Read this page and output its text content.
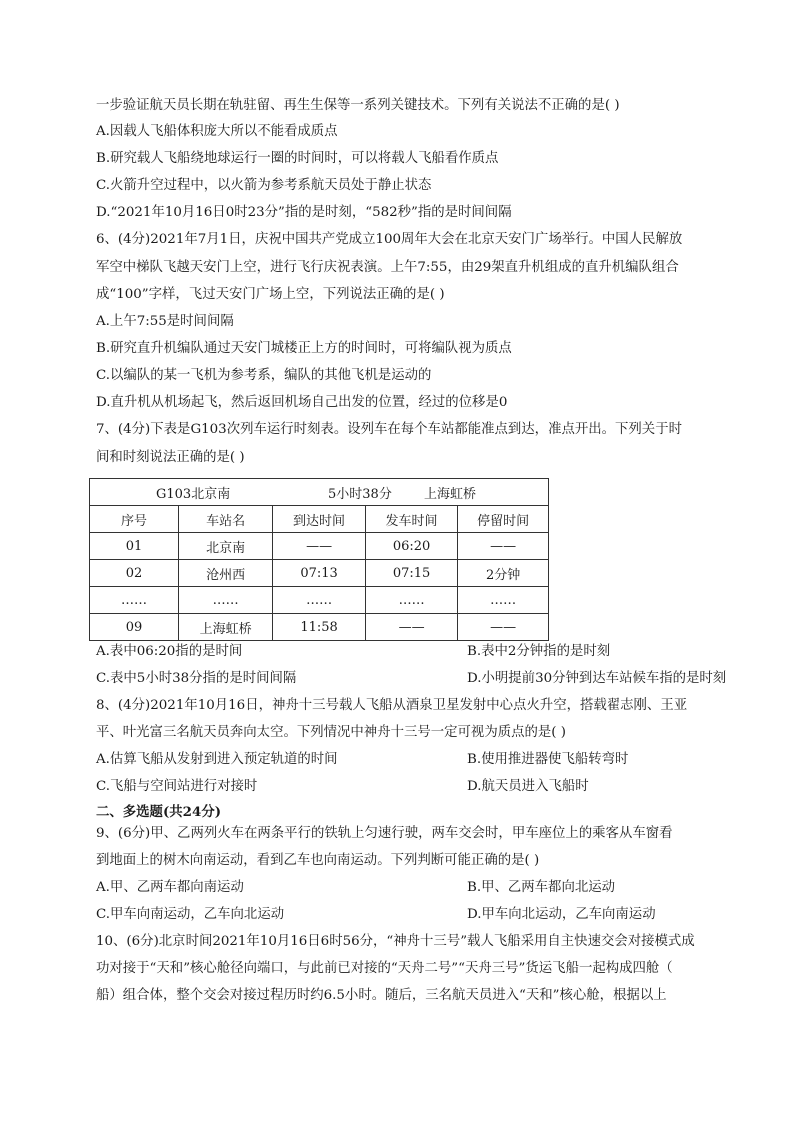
一步验证航天员长期在轨驻留、再生生保等一系列关键技术。下列有关说法不正确的是( )
A.因载人飞船体积庞大所以不能看成质点
B.研究载人飞船绕地球运行一圈的时间时，可以将载人飞船看作质点
C.火箭升空过程中，以火箭为参考系航天员处于静止状态
D.“2021年10月16日0时23分”指的是时刻，“582秒”指的是时间间隔
6、(4分)2021年7月1日，庆祝中国共产党成立100周年大会在北京天安门广场举行。中国人民解放
军空中梯队飞越天安门上空，进行飞行庆祝表演。上午7:55，由29架直升机组成的直升机编队组合
成“100”字样，飞过天安门广场上空，下列说法正确的是( )
A.上午7:55是时间间隔
B.研究直升机编队通过天安门城楼正上方的时间时，可将编队视为质点
C.以编队的某一飞机为参考系，编队的其他飞机是运动的
D.直升机从机场起飞，然后返回机场自己出发的位置，经过的位移是0
7、(4分)下表是G103次列车运行时刻表。设列车在每个车站都能准点到达，准点开出。下列关于时
间和时刻说法正确的是( )
G103北京南 5小时38分 上海虹桥				

序号	车站名	到达时间	发车时间	停留时间
01	北京南	——	06:20	——
02	沧州西	07:13	07:15	2分钟
……	……	……	……	……
09	上海虹桥	11:58	——	——
A.表中06:20指的是时间	B.表中2分钟指的是时刻
C.表中5小时38分指的是时间间隔	D.小明提前30分钟到达车站候车指的是时刻
8、(4分)2021年10月16日，神舟十三号载人飞船从酒泉卫星发射中心点火升空，搭载翟志刚、王亚
平、叶光富三名航天员奔向太空。下列情况中神舟十三号一定可视为质点的是( )
A.估算飞船从发射到进入预定轨道的时间	B.使用推进器使飞船转弯时
C.飞船与空间站进行对接时	D.航天员进入飞船时
二、多选题(共24分)
9、(6分)甲、乙两列火车在两条平行的铁轨上匀速行驶，两车交会时，甲车座位上的乘客从车窗看
到地面上的树木向南运动，看到乙车也向南运动。下列判断可能正确的是( )
A.甲、乙两车都向南运动	B.甲、乙两车都向北运动
C.甲车向南运动，乙车向北运动	D.甲车向北运动，乙车向南运动
10、(6分)北京时间2021年10月16日6时56分，“神舟十三号”载人飞船采用自主快速交会对接模式成
功对接于“天和”核心舱径向端口，与此前已对接的“天舟二号”“天舟三号”货运飞船一起构成四舱（
船）组合体，整个交会对接过程历时约6.5小时。随后，三名航天员进入“天和”核心舱，根据以上
